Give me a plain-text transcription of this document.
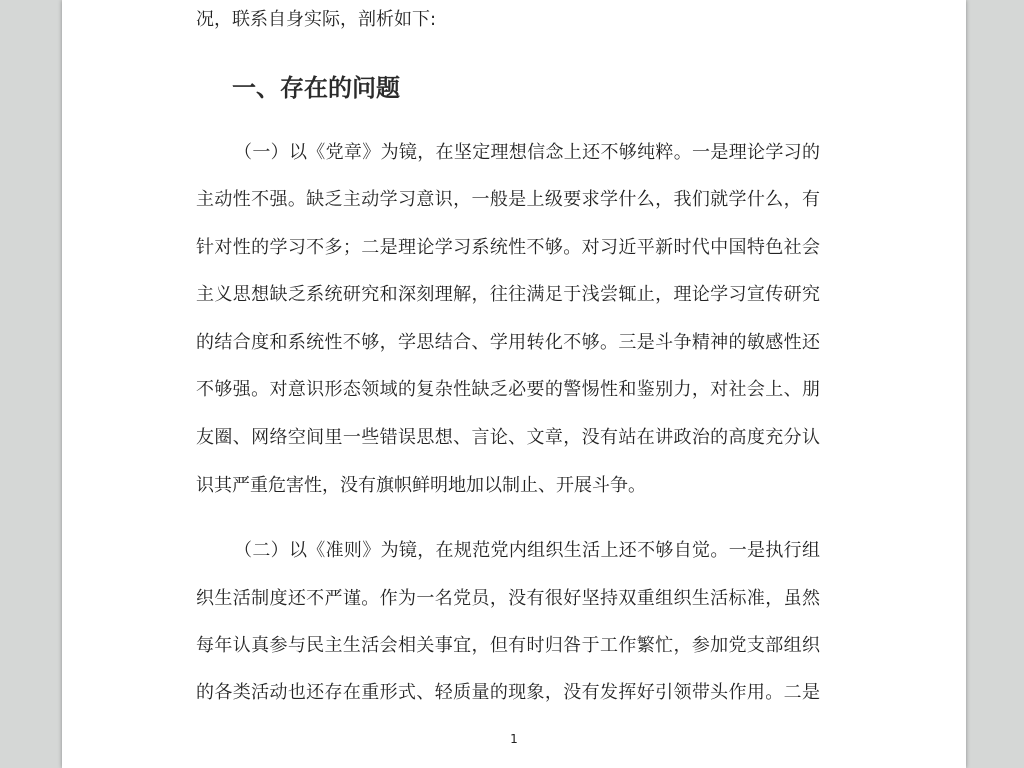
况，联系自身实际，剖析如下:
一、存在的问题
（一）以《党章》为镜，在坚定理想信念上还不够纯粹。一是理论学习的
主动性不强。缺乏主动学习意识，一般是上级要求学什么，我们就学什么，有
针对性的学习不多；二是理论学习系统性不够。对习近平新时代中国特色社会
主义思想缺乏系统研究和深刻理解，往往满足于浅尝辄止，理论学习宣传研究
的结合度和系统性不够，学思结合、学用转化不够。三是斗争精神的敏感性还
不够强。对意识形态领域的复杂性缺乏必要的警惕性和鉴别力，对社会上、朋
友圈、网络空间里一些错误思想、言论、文章，没有站在讲政治的高度充分认
识其严重危害性，没有旗帜鲜明地加以制止、开展斗争。
（二）以《准则》为镜，在规范党内组织生活上还不够自觉。一是执行组
织生活制度还不严谨。作为一名党员，没有很好坚持双重组织生活标准，虽然
每年认真参与民主生活会相关事宜，但有时归咎于工作繁忙，参加党支部组织
的各类活动也还存在重形式、轻质量的现象，没有发挥好引领带头作用。二是
1
